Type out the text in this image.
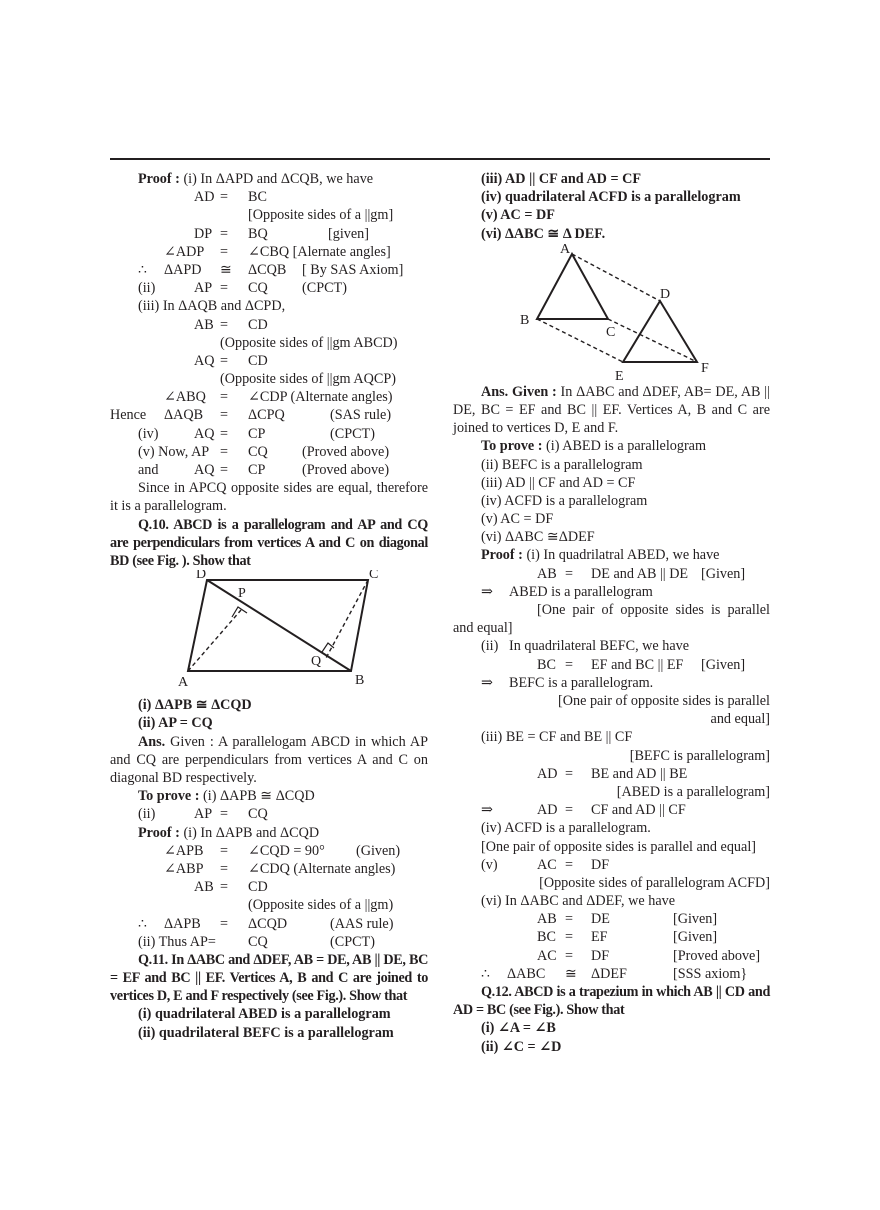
Proof : (i) In ΔAPD and ΔCQB, we have
AD = BC
[Opposite sides of a ||gm]
DP = BQ	[given]
∠ADP = ∠CBQ [Alernate angles]
∴ ΔAPD ≅ ΔCQB [ By SAS Axiom]
(ii)	AP = CQ (CPCT)
(iii) In ΔAQB and ΔCPD,
AB = CD
(Opposite sides of ||gm ABCD)
AQ = CD
(Opposite sides of ||gm AQCP)
∠ABQ = ∠CDP (Alternate angles)
Hence ΔAQB = ΔCPQ	(SAS rule)
(iv)	AQ = CP	(CPCT)
(v) Now, AP = CQ (Proved above)
and	AQ = CP	(Proved above)
Since in APCQ opposite sides are equal, therefore it is a parallelogram.
Q.10. ABCD is a parallelogram and AP and CQ are perpendiculars from vertices A and C on diagonal BD (see Fig. ). Show that
D	C
P
Q
A	B
(i) ΔAPB ≅ ΔCQD
(ii) AP = CQ
Ans. Given : A parallelogam ABCD in which AP and CQ are perpendiculars from vertices A and C on diagonal BD respectively.
To prove : (i) ΔAPB ≅ ΔCQD
(ii)	AP = CQ
Proof : (i) In ΔAPB and ΔCQD
∠APB = ∠CQD = 90° (Given)
∠ABP = ∠CDQ (Alternate angles)
AB = CD
(Opposite sides of a ||gm)
∴ ΔAPB = ΔCQD	(AAS rule)
(ii) Thus AP= CQ	(CPCT)
Q.11. In ΔABC and ΔDEF, AB = DE, AB || DE, BC = EF and BC || EF. Vertices A, B and C are joined to vertices D, E and F respectively (see Fig.). Show that
(i) quadrilateral ABED is a parallelogram
(ii) quadrilateral BEFC is a parallelogram
(iii) AD || CF and AD = CF
(iv) quadrilateral ACFD is a parallelogram
(v) AC = DF
(vi) ΔABC ≅ Δ DEF.
A
B
C
D
E
F
Ans. Given : In ΔABC and ΔDEF, AB= DE, AB || DE, BC = EF and BC || EF. Vertices A, B and C are joined to vertices D, E and F.
To prove : (i) ABED is a parallelogram
(ii) BEFC is a parallelogram
(iii) AD || CF and AD = CF
(iv) ACFD is a parallelogram
(v) AC = DF
(vi) ΔABC ≅ΔDEF
Proof : (i) In quadrilatral ABED, we have
AB = DE and AB || DE [Given]
⇒ ABED is a parallelogram
[One pair of opposite sides is parallel and equal]
(ii) In quadrilateral BEFC, we have
BC = EF and BC || EF [Given]
⇒ BEFC is a parallelogram.
[One pair of opposite sides is parallel
and equal]
(iii) BE = CF and BE || CF
[BEFC is parallelogram]
AD = BE and AD || BE
[ABED is a parallelogram]
⇒	AD = CF and AD || CF
(iv) ACFD is a parallelogram.
[One pair of opposite sides is parallel and equal]
(v)	AC = DF
[Opposite sides of parallelogram ACFD]
(vi) In ΔABC and ΔDEF, we have
AB = DE	[Given]
BC = EF	[Given]
AC = DF	[Proved above]
∴ ΔABC ≅ ΔDEF	[SSS axiom}
Q.12. ABCD is a trapezium in which AB || CD and AD = BC (see Fig.). Show that
(i) ∠A = ∠B
(ii) ∠C = ∠D
